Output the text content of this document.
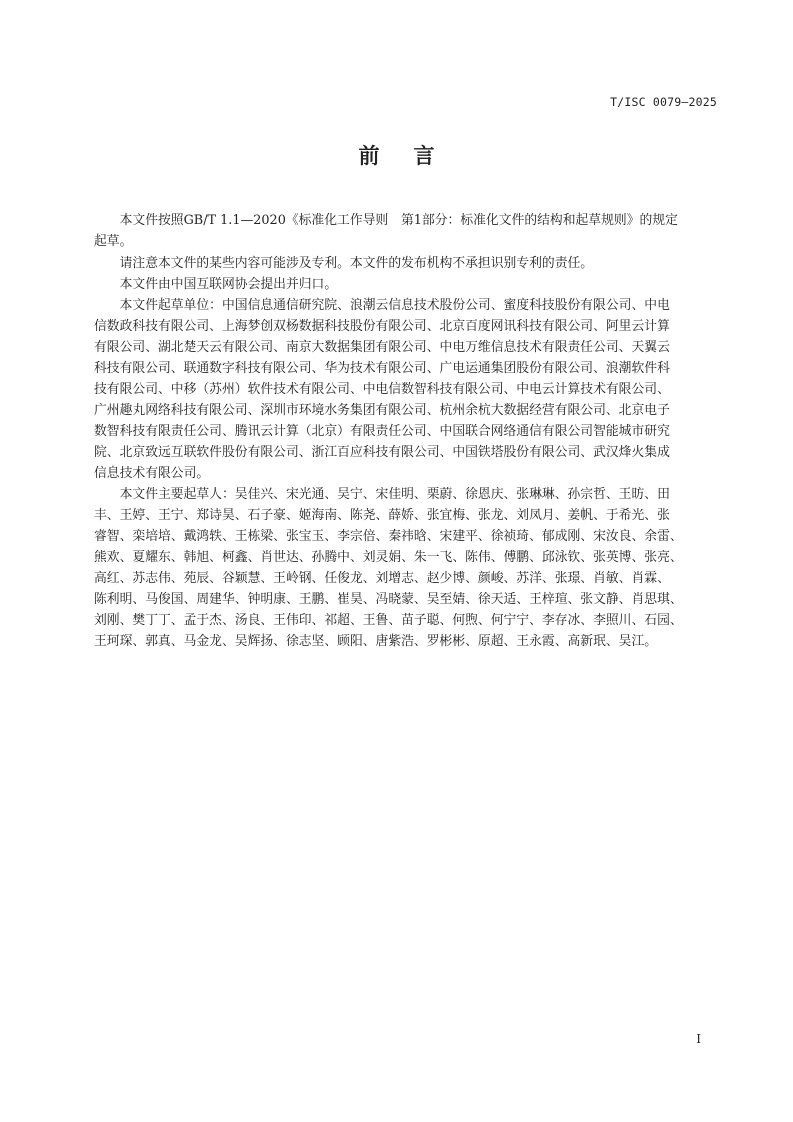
T/ISC 0079—2025
前 言
　　本文件按照GB/T 1.1—2020《标准化工作导则　第1部分：标准化文件的结构和起草规则》的规定
起草。
　　请注意本文件的某些内容可能涉及专利。本文件的发布机构不承担识别专利的责任。
　　本文件由中国互联网协会提出并归口。
　　本文件起草单位：中国信息通信研究院、浪潮云信息技术股份公司、蜜度科技股份有限公司、中电
信数政科技有限公司、上海梦创双杨数据科技股份有限公司、北京百度网讯科技有限公司、阿里云计算
有限公司、湖北楚天云有限公司、南京大数据集团有限公司、中电万维信息技术有限责任公司、天翼云
科技有限公司、联通数字科技有限公司、华为技术有限公司、广电运通集团股份有限公司、浪潮软件科
技有限公司、中移（苏州）软件技术有限公司、中电信数智科技有限公司、中电云计算技术有限公司、
广州趣丸网络科技有限公司、深圳市环境水务集团有限公司、杭州余杭大数据经营有限公司、北京电子
数智科技有限责任公司、腾讯云计算（北京）有限责任公司、中国联合网络通信有限公司智能城市研究
院、北京致远互联软件股份有限公司、浙江百应科技有限公司、中国铁塔股份有限公司、武汉烽火集成
信息技术有限公司。
　　本文件主要起草人：吴佳兴、宋光通、吴宁、宋佳明、栗蔚、徐恩庆、张琳琳、孙宗哲、王昉、田
丰、王婷、王宁、郑诗昊、石子豪、姬海南、陈尧、薛娇、张宜梅、张龙、刘凤月、姜帆、于希光、张
睿智、栾培培、戴鸿轶、王栋梁、张宝玉、李宗倍、秦祎晗、宋建平、徐祯琦、郁成刚、宋汝良、余雷、
熊欢、夏耀东、韩旭、柯鑫、肖世达、孙腾中、刘灵娟、朱一飞、陈伟、傅鹏、邱泳钦、张英博、张亮、
高红、苏志伟、苑辰、谷颖慧、王岭钢、任俊龙、刘增志、赵少博、颜峻、苏洋、张璟、肖敏、肖霖、
陈利明、马俊国、周建华、钟明康、王鹏、崔昊、冯晓蒙、吴至婧、徐天适、王梓瑄、张文静、肖思琪、
刘刚、樊丁丁、孟于杰、汤良、王伟印、祁超、王鲁、苗子聪、何煦、何宁宁、李存冰、李照川、石园、
王珂琛、郭真、马金龙、吴辉扬、徐志坚、顾阳、唐紫浩、罗彬彬、原超、王永霞、高新珉、吴江。
I
